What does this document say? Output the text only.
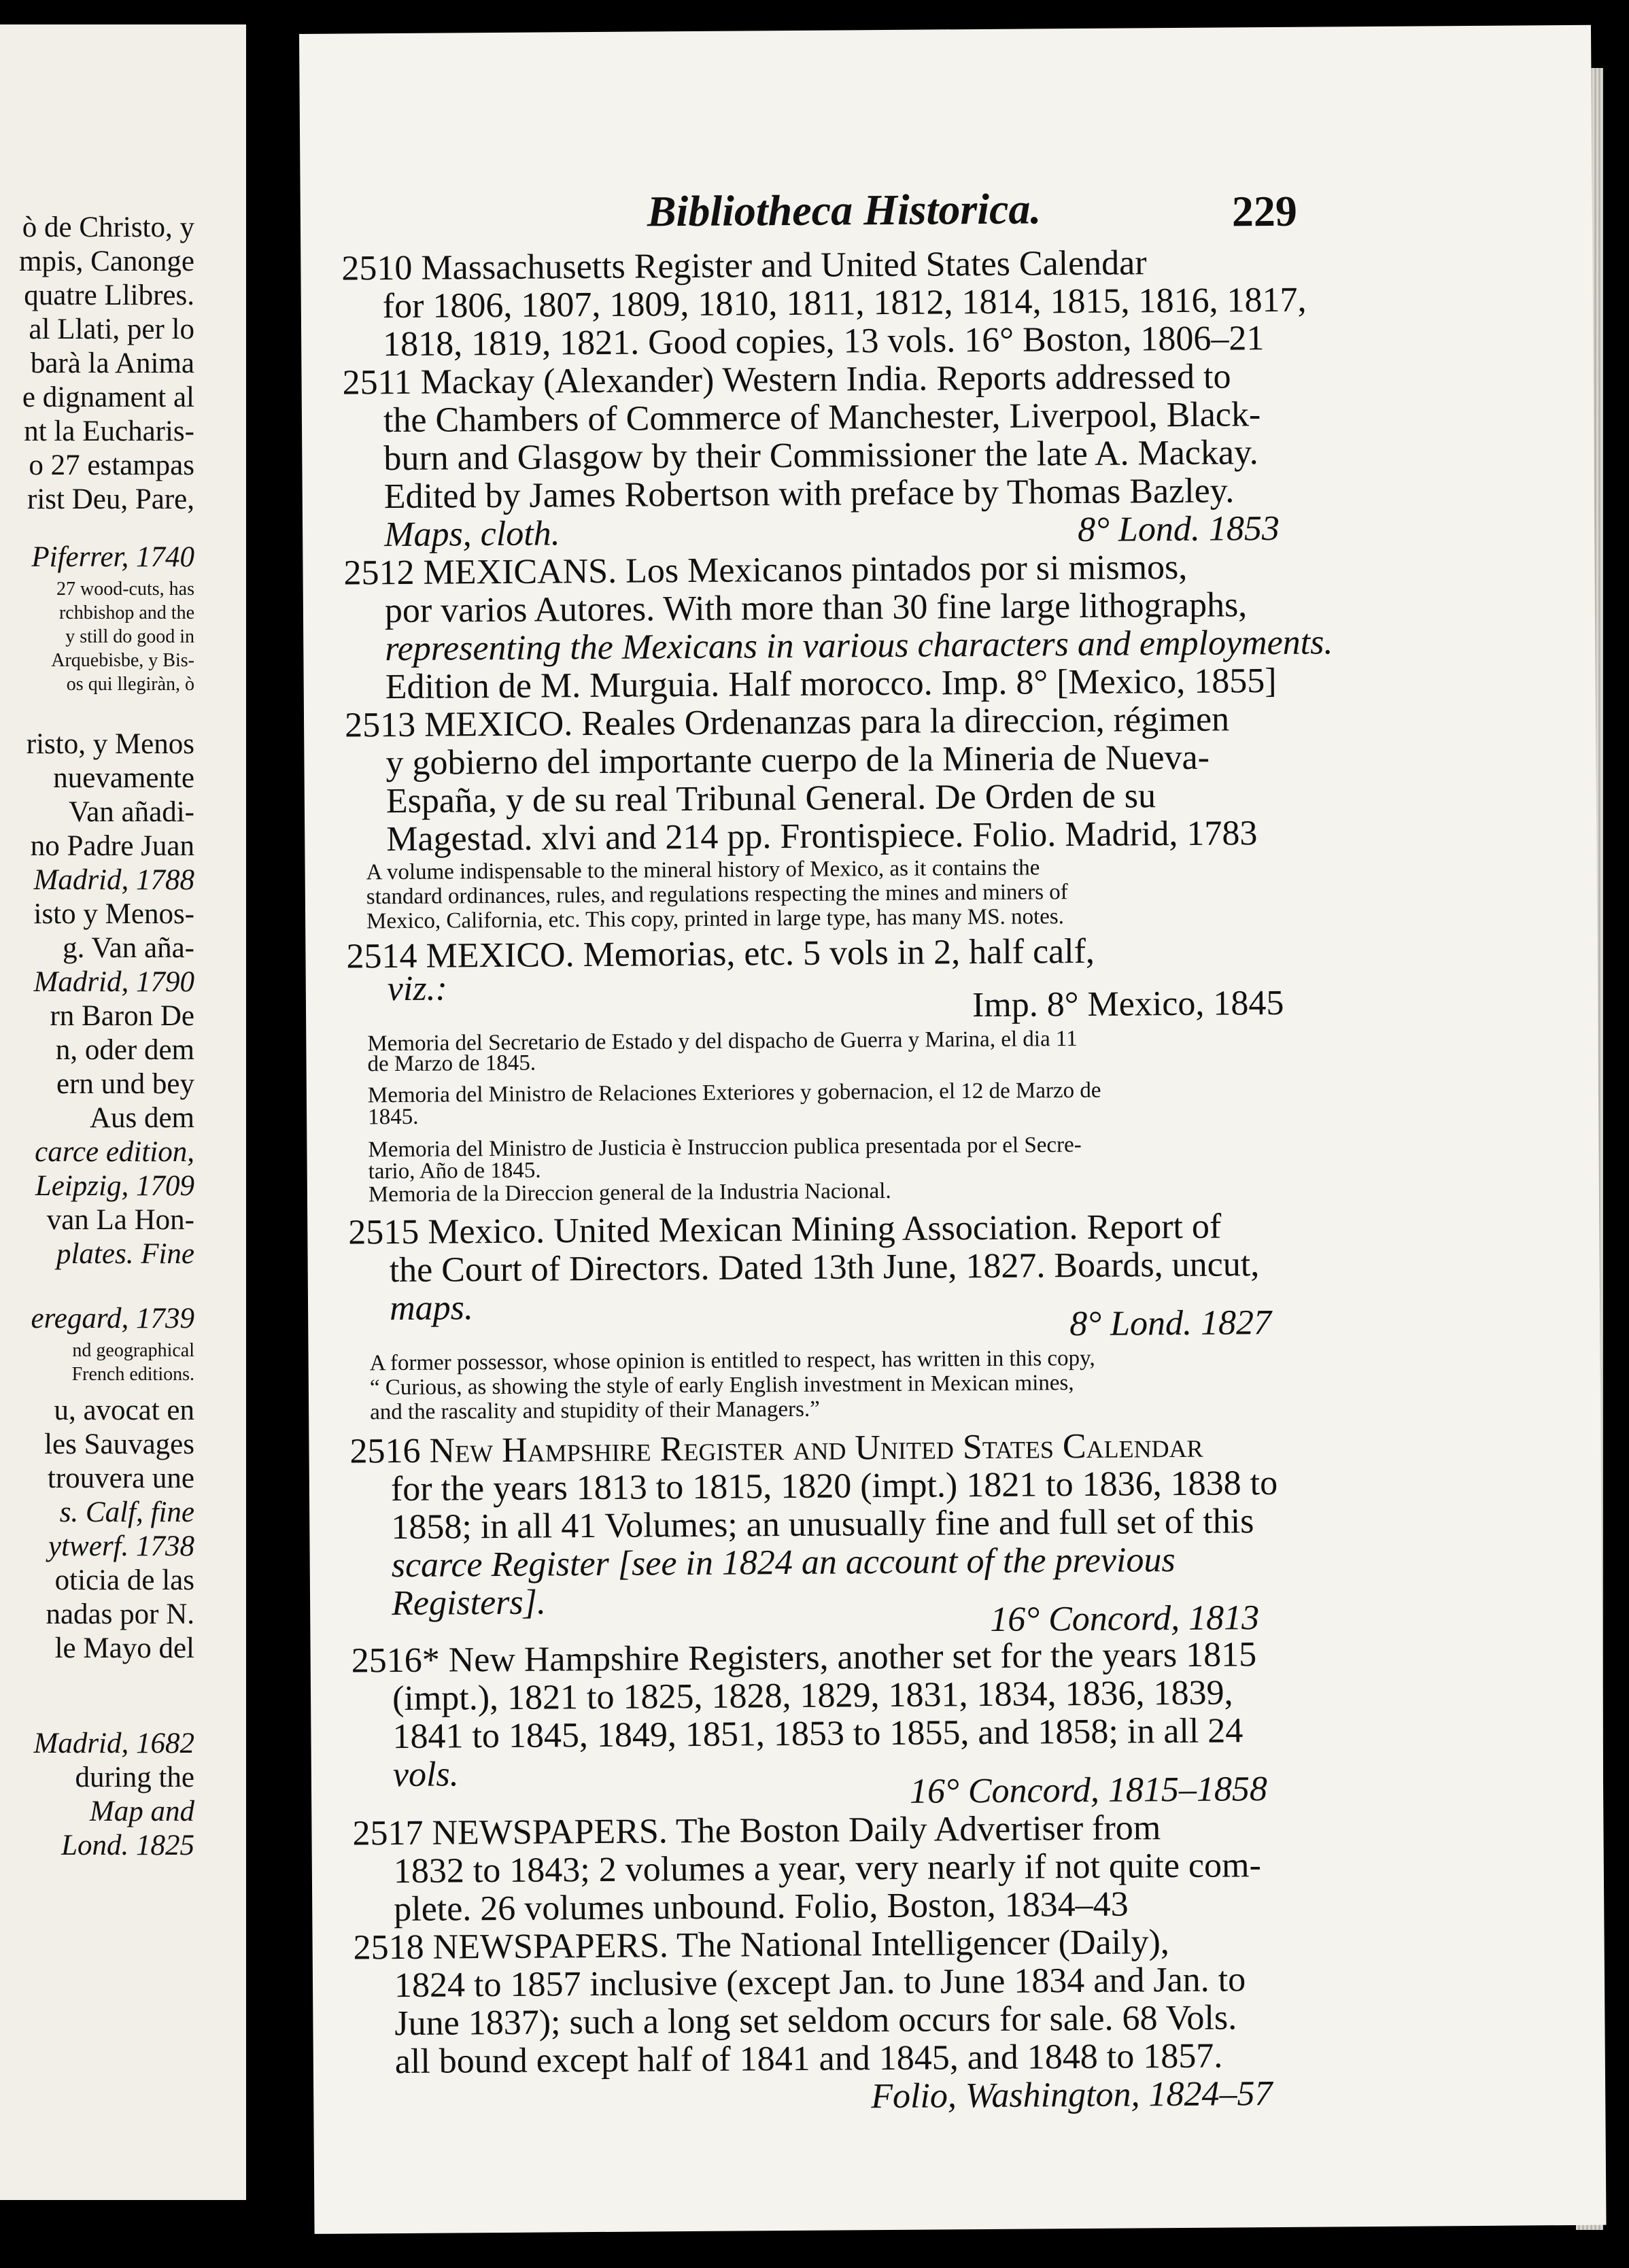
ò de Christo, y
mpis, Canonge
quatre Llibres.
al Llati, per lo
barà la Anima
e dignament al
nt la Eucharis-
o 27 estampas
rist Deu, Pare,
Piferrer, 1740
27 wood-cuts, has
rchbishop and the
y still do good in
Arquebisbe, y Bis-
os qui llegiràn, ò
risto, y Menos
nuevamente
Van añadi-
no Padre Juan
Madrid, 1788
isto y Menos-
g. Van aña-
Madrid, 1790
rn Baron De
n, oder dem
ern und bey
Aus dem
carce edition,
Leipzig, 1709
van La Hon-
plates. Fine
eregard, 1739
nd geographical
French editions.
u, avocat en
les Sauvages
trouvera une
s. Calf, fine
ytwerf. 1738
oticia de las
nadas por N.
le Mayo del
Madrid, 1682
during the
Map and
Lond. 1825
Bibliotheca Historica.	229
2510 Massachusetts Register and United States Calendar
for 1806, 1807, 1809, 1810, 1811, 1812, 1814, 1815, 1816, 1817,
1818, 1819, 1821. Good copies, 13 vols. 16° Boston, 1806–21
2511 Mackay (Alexander) Western India. Reports addressed to
the Chambers of Commerce of Manchester, Liverpool, Black-
burn and Glasgow by their Commissioner the late A. Mackay.
Edited by James Robertson with preface by Thomas Bazley.
Maps, cloth.	8° Lond. 1853
2512 MEXICANS. Los Mexicanos pintados por si mismos,
por varios Autores. With more than 30 fine large lithographs,
representing the Mexicans in various characters and employments.
Edition de M. Murguia. Half morocco. Imp. 8° [Mexico, 1855]
2513 MEXICO. Reales Ordenanzas para la direccion, régimen
y gobierno del importante cuerpo de la Mineria de Nueva-
España, y de su real Tribunal General. De Orden de su
Magestad. xlvi and 214 pp. Frontispiece. Folio. Madrid, 1783
A volume indispensable to the mineral history of Mexico, as it contains the
standard ordinances, rules, and regulations respecting the mines and miners of
Mexico, California, etc. This copy, printed in large type, has many MS. notes.
2514 MEXICO. Memorias, etc. 5 vols in 2, half calf,
viz.:	Imp. 8° Mexico, 1845
Memoria del Secretario de Estado y del dispacho de Guerra y Marina, el dia 11
de Marzo de 1845.
Memoria del Ministro de Relaciones Exteriores y gobernacion, el 12 de Marzo de
1845.
Memoria del Ministro de Justicia è Instruccion publica presentada por el Secre-
tario, Año de 1845.
Memoria de la Direccion general de la Industria Nacional.
2515 Mexico. United Mexican Mining Association. Report of
the Court of Directors. Dated 13th June, 1827. Boards, uncut,
maps.	8° Lond. 1827
A former possessor, whose opinion is entitled to respect, has written in this copy,
“ Curious, as showing the style of early English investment in Mexican mines,
and the rascality and stupidity of their Managers.”
2516 New Hampshire Register and United States Calendar
for the years 1813 to 1815, 1820 (impt.) 1821 to 1836, 1838 to
1858; in all 41 Volumes; an unusually fine and full set of this
scarce Register [see in 1824 an account of the previous
Registers].	16° Concord, 1813
2516* New Hampshire Registers, another set for the years 1815
(impt.), 1821 to 1825, 1828, 1829, 1831, 1834, 1836, 1839,
1841 to 1845, 1849, 1851, 1853 to 1855, and 1858; in all 24
vols.	16° Concord, 1815–1858
2517 NEWSPAPERS. The Boston Daily Advertiser from
1832 to 1843; 2 volumes a year, very nearly if not quite com-
plete. 26 volumes unbound. Folio, Boston, 1834–43
2518 NEWSPAPERS. The National Intelligencer (Daily),
1824 to 1857 inclusive (except Jan. to June 1834 and Jan. to
June 1837); such a long set seldom occurs for sale. 68 Vols.
all bound except half of 1841 and 1845, and 1848 to 1857.
Folio, Washington, 1824–57
